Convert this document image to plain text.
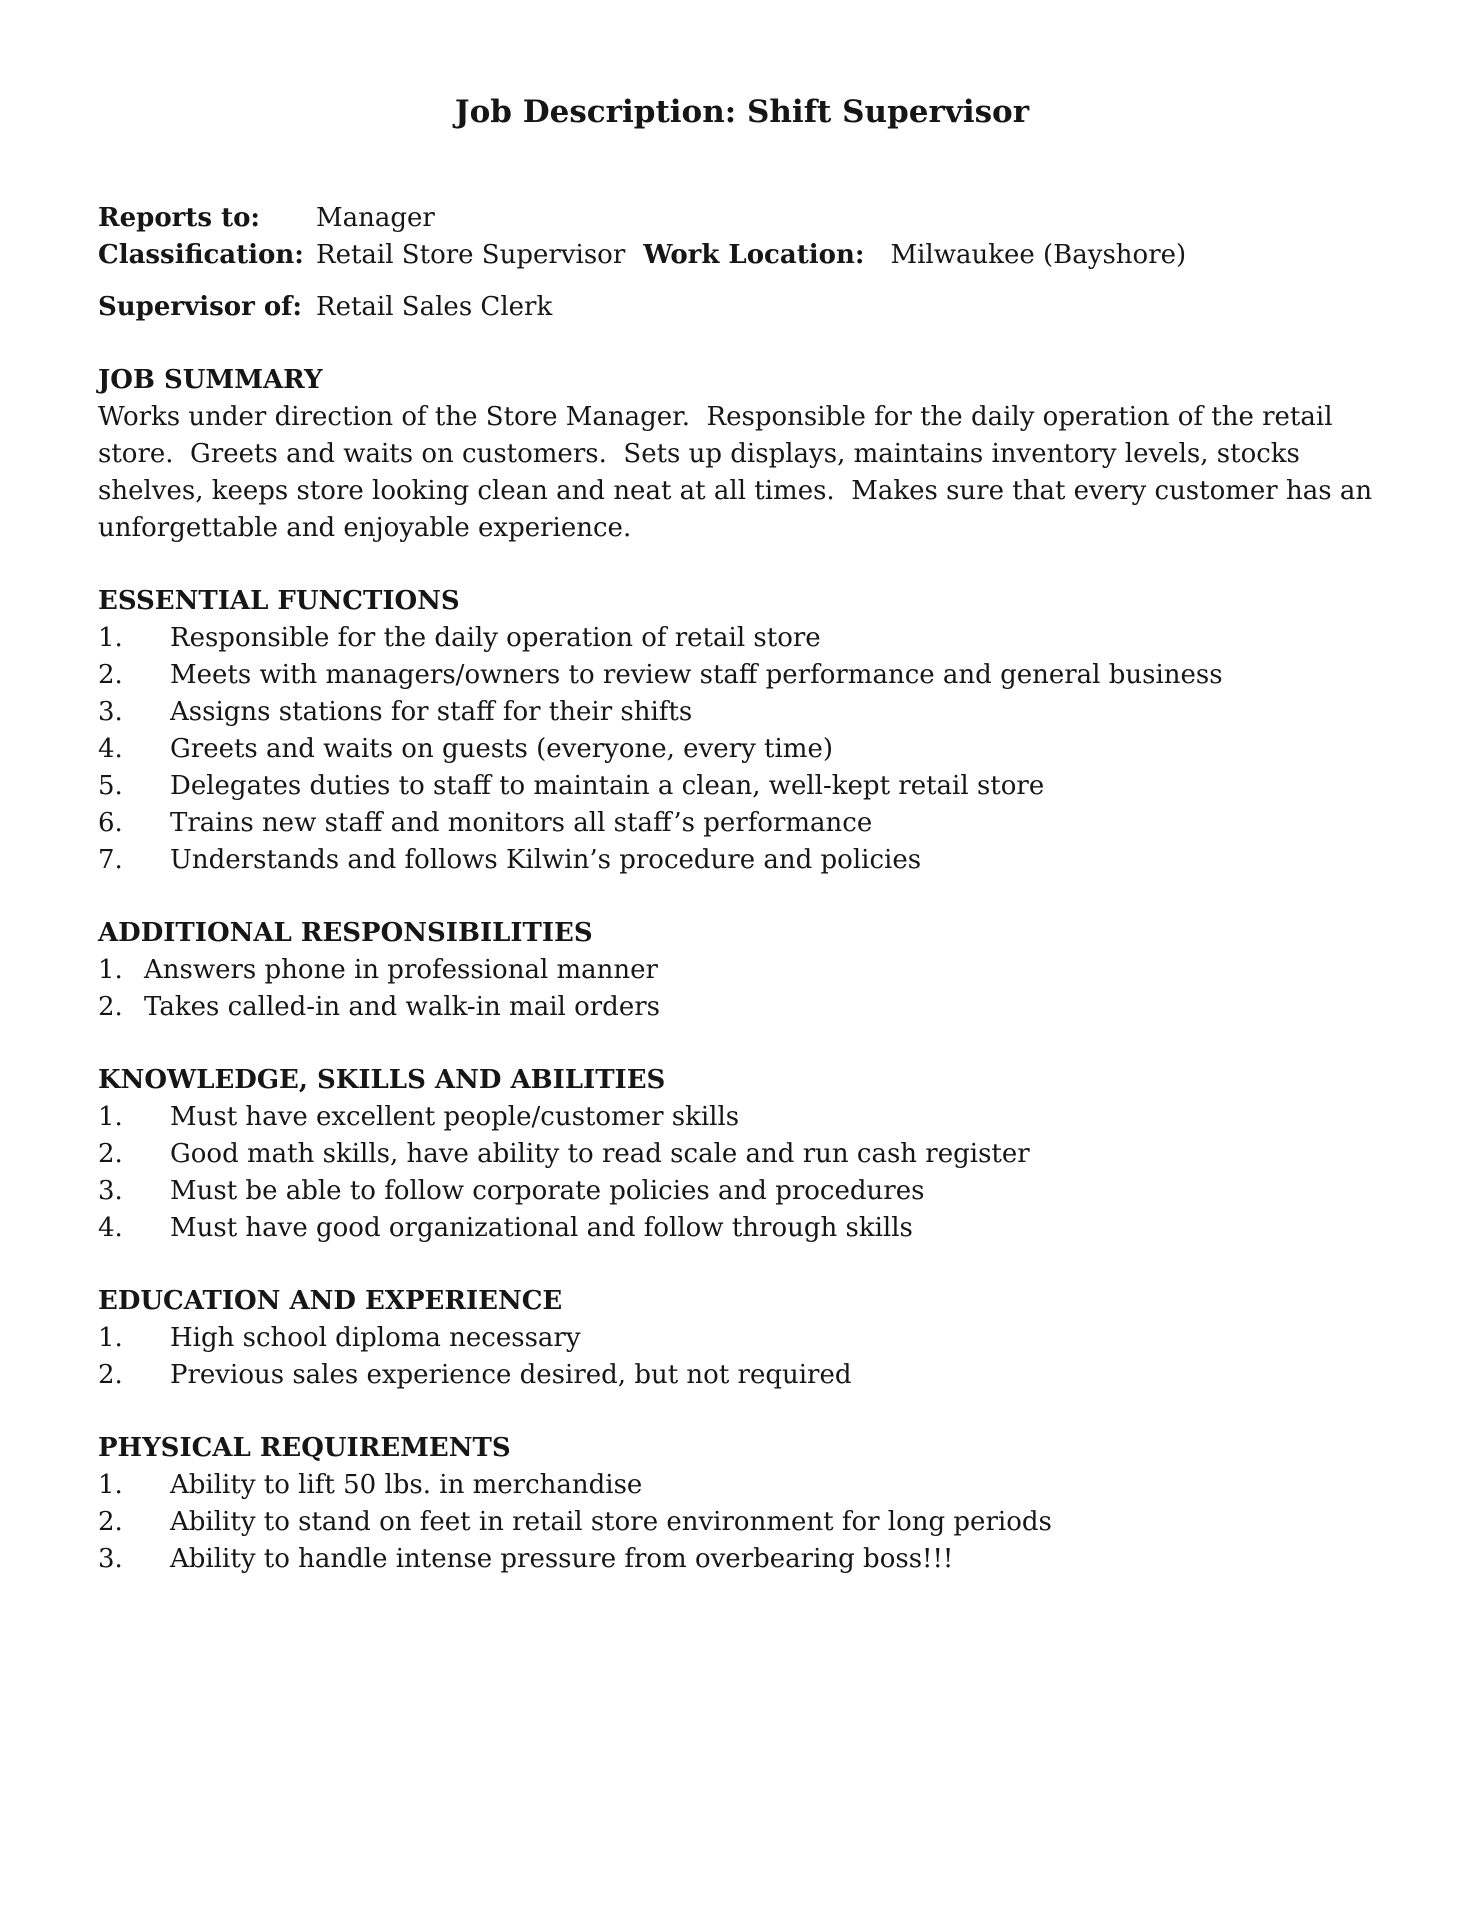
Job Description: Shift Supervisor
Reports to:	Manager
Classification: Retail Store Supervisor Work Location: Milwaukee (Bayshore)
Supervisor of: Retail Sales Clerk
JOB SUMMARY

Works under direction of the Store Manager.  Responsible for the daily operation of the retail store.  Greets and waits on customers.  Sets up displays, maintains inventory levels, stocks shelves, keeps store looking clean and neat at all times.  Makes sure that every customer has an unforgettable and enjoyable experience.

ESSENTIAL FUNCTIONS
1.	Responsible for the daily operation of retail store
2.	Meets with managers/owners to review staff performance and general business
3.	Assigns stations for staff for their shifts
4.	Greets and waits on guests (everyone, every time)
5.	Delegates duties to staff to maintain a clean, well-kept retail store
6.	Trains new staff and monitors all staff’s performance
7.	Understands and follows Kilwin’s procedure and policies
ADDITIONAL RESPONSIBILITIES
1. Answers phone in professional manner
2. Takes called-in and walk-in mail orders
KNOWLEDGE, SKILLS AND ABILITIES
1.	Must have excellent people/customer skills
2.	Good math skills, have ability to read scale and run cash register
3.	Must be able to follow corporate policies and procedures
4.	Must have good organizational and follow through skills
EDUCATION AND EXPERIENCE
1.	High school diploma necessary
2.	Previous sales experience desired, but not required
PHYSICAL REQUIREMENTS
1.	Ability to lift 50 lbs. in merchandise
2.	Ability to stand on feet in retail store environment for long periods
3.	Ability to handle intense pressure from overbearing boss!!!
